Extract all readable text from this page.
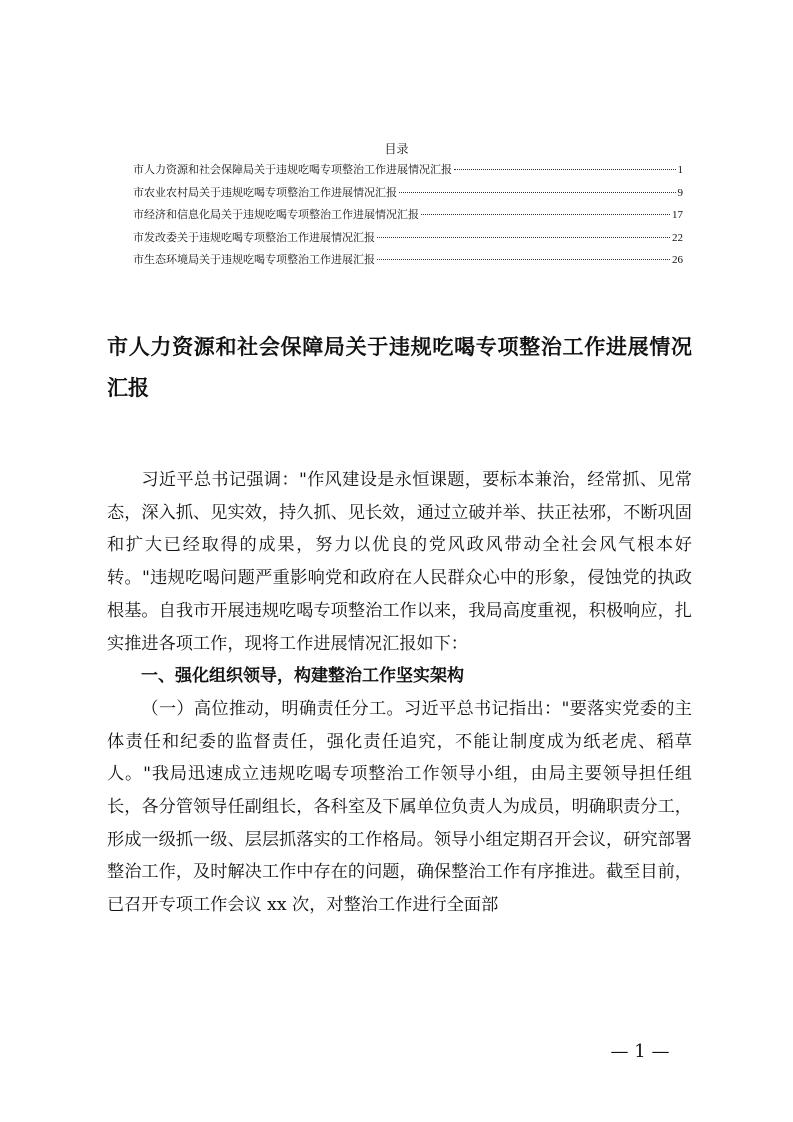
目录
市人力资源和社会保障局关于违规吃喝专项整治工作进展情况汇报	1
市农业农村局关于违规吃喝专项整治工作进展情况汇报	9
市经济和信息化局关于违规吃喝专项整治工作进展情况汇报	17
市发改委关于违规吃喝专项整治工作进展情况汇报	22
市生态环境局关于违规吃喝专项整治工作进展汇报	26
市人力资源和社会保障局关于违规吃喝专项整治工作进展情况汇报

习近平总书记强调："作风建设是永恒课题，要标本兼治，经常抓、见常态，深入抓、见实效，持久抓、见长效，通过立破并举、扶正祛邪，不断巩固和扩大已经取得的成果，努力以优良的党风政风带动全社会风气根本好转。"违规吃喝问题严重影响党和政府在人民群众心中的形象，侵蚀党的执政根基。自我市开展违规吃喝专项整治工作以来，我局高度重视，积极响应，扎实推进各项工作，现将工作进展情况汇报如下：

一、强化组织领导，构建整治工作坚实架构

（一）高位推动，明确责任分工。习近平总书记指出："要落实党委的主体责任和纪委的监督责任，强化责任追究，不能让制度成为纸老虎、稻草人。"我局迅速成立违规吃喝专项整治工作领导小组，由局主要领导担任组长，各分管领导任副组长，各科室及下属单位负责人为成员，明确职责分工，形成一级抓一级、层层抓落实的工作格局。领导小组定期召开会议，研究部署整治工作，及时解决工作中存在的问题，确保整治工作有序推进。截至目前，已召开专项工作会议 xx 次，对整治工作进行全面部

— 1 —
